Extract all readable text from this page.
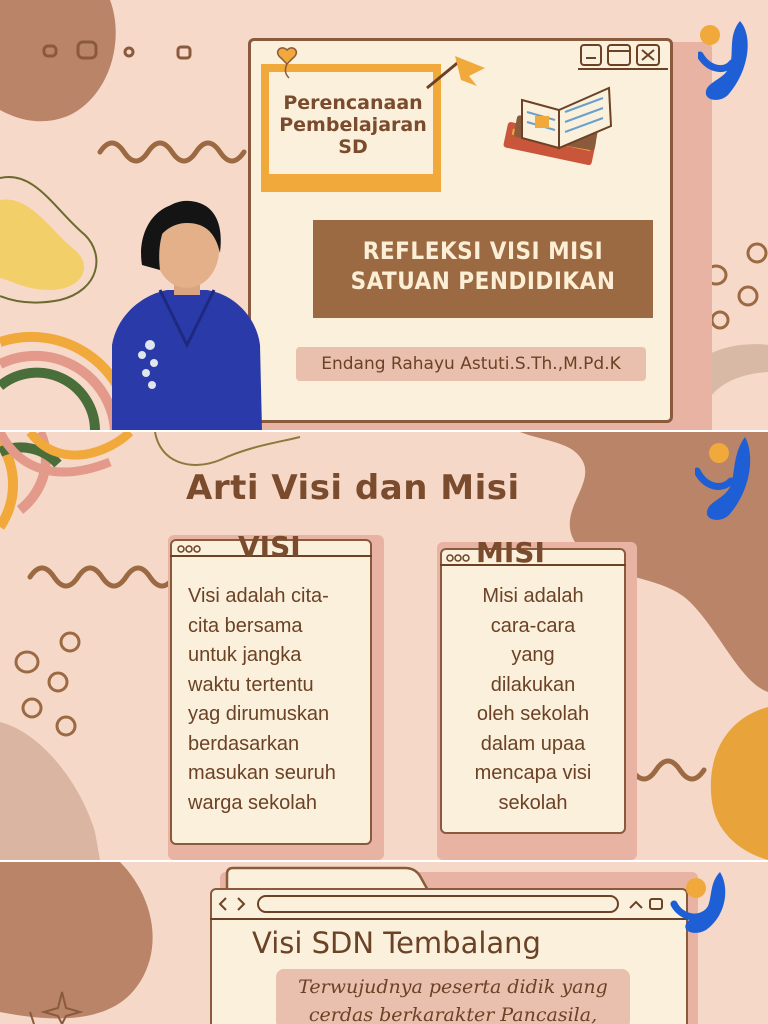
Perencanaan
Pembelajaran
SD
REFLEKSI VISI MISI
SATUAN PENDIDIKAN
Endang Rahayu Astuti.S.Th.,M.Pd.K
Arti Visi dan Misi
VISI
Visi adalah cita-
cita bersama
untuk jangka
waktu tertentu
yag dirumuskan
berdasarkan
masukan seuruh
warga sekolah
MISI
Misi adalah
cara-cara
yang
dilakukan
oleh sekolah
dalam upaa
mencapa visi
sekolah
Visi SDN Tembalang
Terwujudnya peserta didik yang
cerdas berkarakter Pancasila,
